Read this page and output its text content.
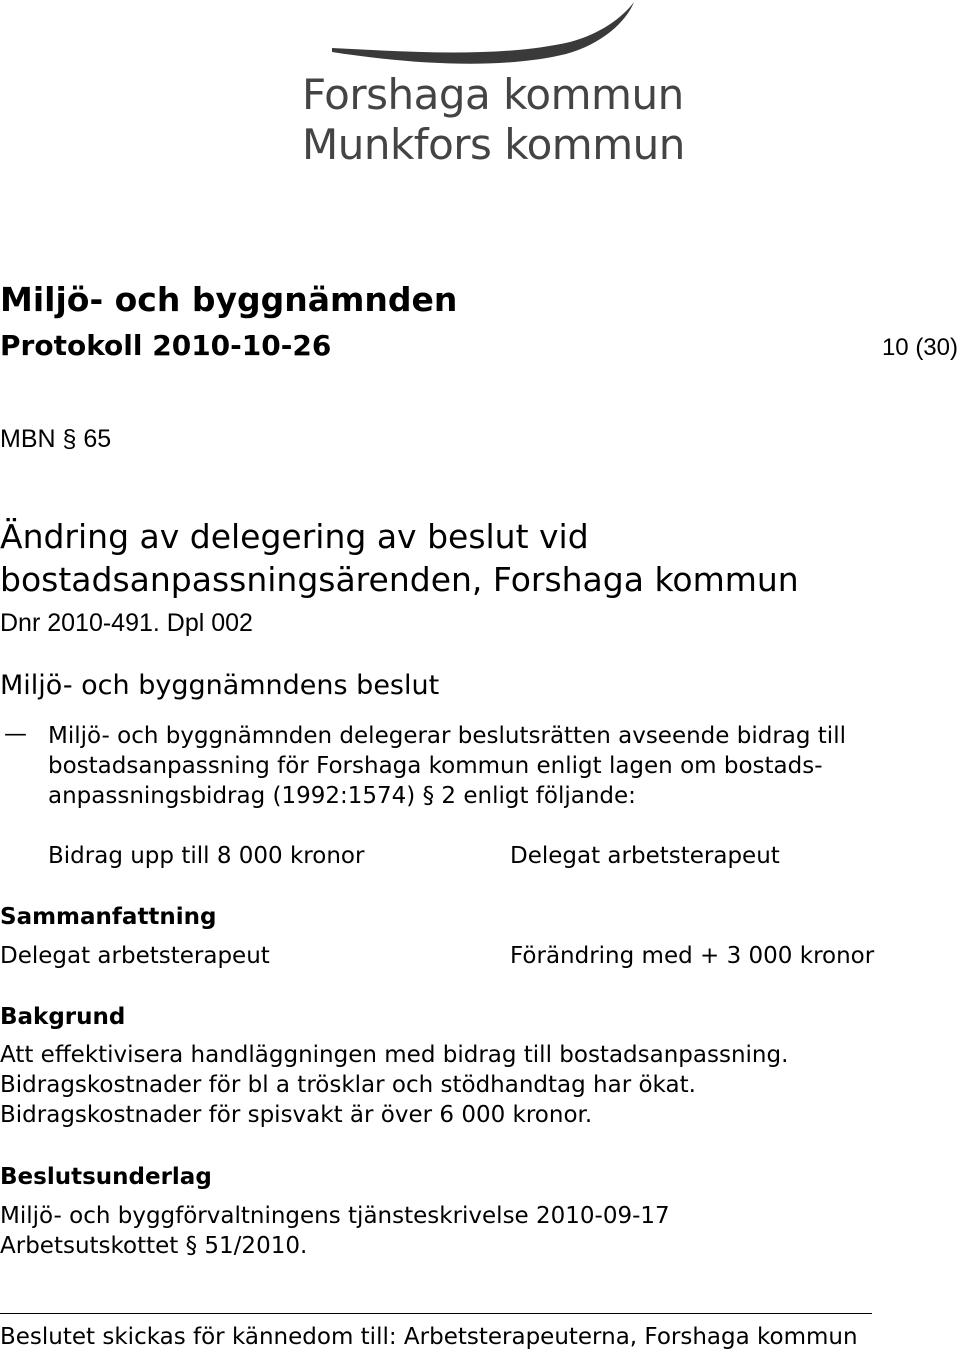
Forshaga kommun
Munkfors kommun
Miljö- och byggnämnden
Protokoll 2010-10-26	10 (30)
MBN § 65
Ändring av delegering av beslut vid
bostadsanpassningsärenden, Forshaga kommun
Dnr 2010-491. Dpl 002
Miljö- och byggnämndens beslut
— Miljö- och byggnämnden delegerar beslutsrätten avseende bidrag till
bostadsanpassning för Forshaga kommun enligt lagen om bostads-
anpassningsbidrag (1992:1574) § 2 enligt följande:
Bidrag upp till 8 000 kronor	Delegat arbetsterapeut
Sammanfattning
Delegat arbetsterapeut	Förändring med + 3 000 kronor
Bakgrund
Att effektivisera handläggningen med bidrag till bostadsanpassning.
Bidragskostnader för bl a trösklar och stödhandtag har ökat.
Bidragskostnader för spisvakt är över 6 000 kronor.
Beslutsunderlag
Miljö- och byggförvaltningens tjänsteskrivelse 2010-09-17
Arbetsutskottet § 51/2010.
Beslutet skickas för kännedom till: Arbetsterapeuterna, Forshaga kommun
